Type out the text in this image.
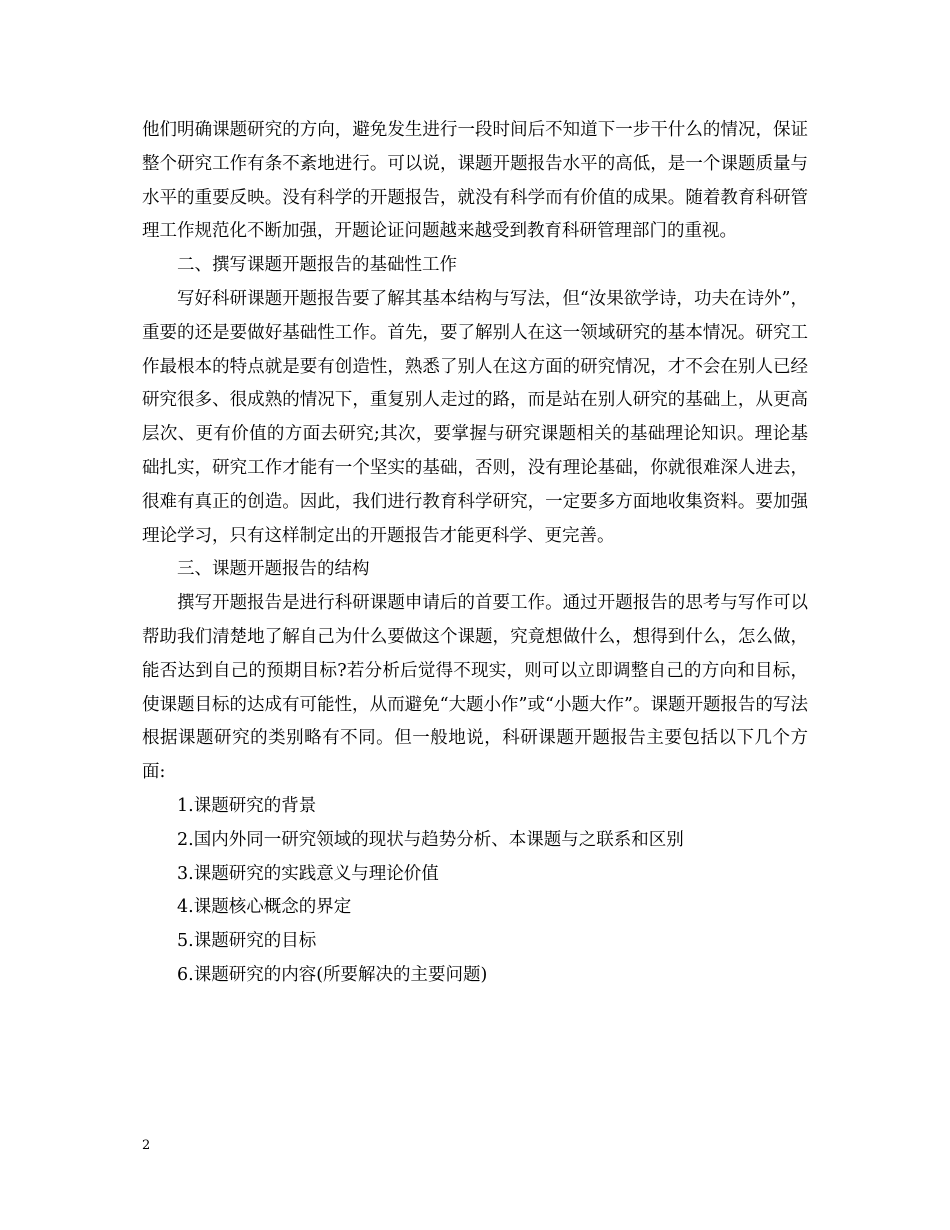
他们明确课题研究的方向，避免发生进行一段时间后不知道下一步干什么的情况，保证整个研究工作有条不紊地进行。可以说，课题开题报告水平的高低，是一个课题质量与水平的重要反映。没有科学的开题报告，就没有科学而有价值的成果。随着教育科研管理工作规范化不断加强，开题论证问题越来越受到教育科研管理部门的重视。

二、撰写课题开题报告的基础性工作

写好科研课题开题报告要了解其基本结构与写法，但“汝果欲学诗，功夫在诗外”，重要的还是要做好基础性工作。首先，要了解别人在这一领域研究的基本情况。研究工作最根本的特点就是要有创造性，熟悉了别人在这方面的研究情况，才不会在别人已经研究很多、很成熟的情况下，重复别人走过的路，而是站在别人研究的基础上，从更高层次、更有价值的方面去研究;其次，要掌握与研究课题相关的基础理论知识。理论基础扎实，研究工作才能有一个坚实的基础，否则，没有理论基础，你就很难深人进去，很难有真正的创造。因此，我们进行教育科学研究，一定要多方面地收集资料。要加强理论学习，只有这样制定出的开题报告才能更科学、更完善。

三、课题开题报告的结构

撰写开题报告是进行科研课题申请后的首要工作。通过开题报告的思考与写作可以帮助我们清楚地了解自己为什么要做这个课题，究竟想做什么，想得到什么，怎么做，能否达到自己的预期目标?若分析后觉得不现实，则可以立即调整自己的方向和目标，使课题目标的达成有可能性，从而避免“大题小作”或“小题大作”。课题开题报告的写法根据课题研究的类别略有不同。但一般地说，科研课题开题报告主要包括以下几个方面:

1.课题研究的背景
2.国内外同一研究领域的现状与趋势分析、本课题与之联系和区别
3.课题研究的实践意义与理论价值
4.课题核心概念的界定
5.课题研究的目标
6.课题研究的内容(所要解决的主要问题)
2
